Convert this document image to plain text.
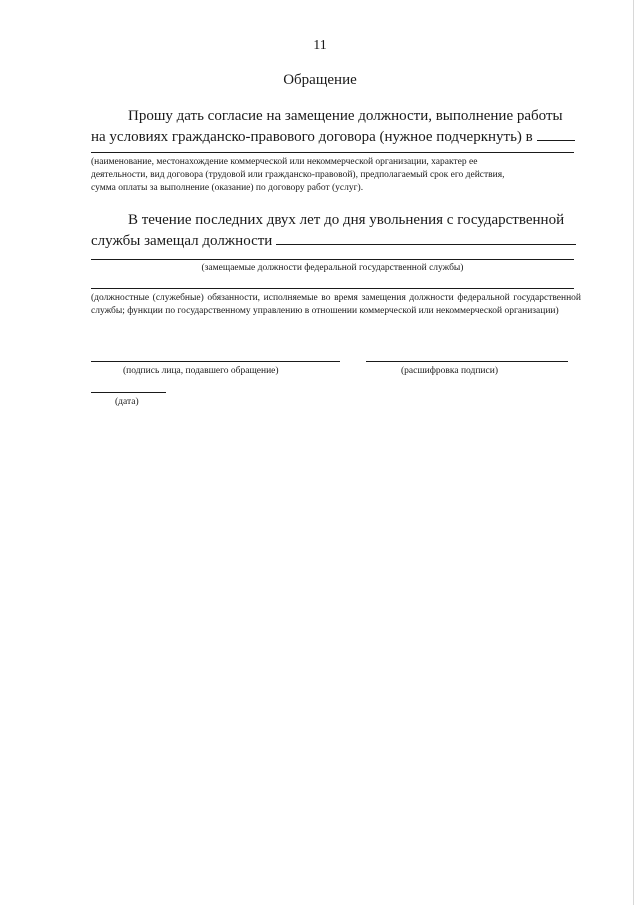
11
Обращение
Прошу дать согласие на замещение должности, выполнение работы
на условиях гражданско-правового договора (нужное подчеркнуть) в
(наименование, местонахождение коммерческой или некоммерческой организации, характер ее
деятельности, вид договора (трудовой или гражданско-правовой), предполагаемый срок его действия,
сумма оплаты за выполнение (оказание) по договору работ (услуг).
В течение последних двух лет до дня увольнения с государственной
службы замещал должности
(замещаемые должности федеральной государственной службы)
(должностные (служебные) обязанности, исполняемые во время замещения должности федеральной государственной службы; функции по государственному управлению в отношении коммерческой или некоммерческой организации)
(подпись лица, подавшего обращение)	(расшифровка подписи)
(дата)
